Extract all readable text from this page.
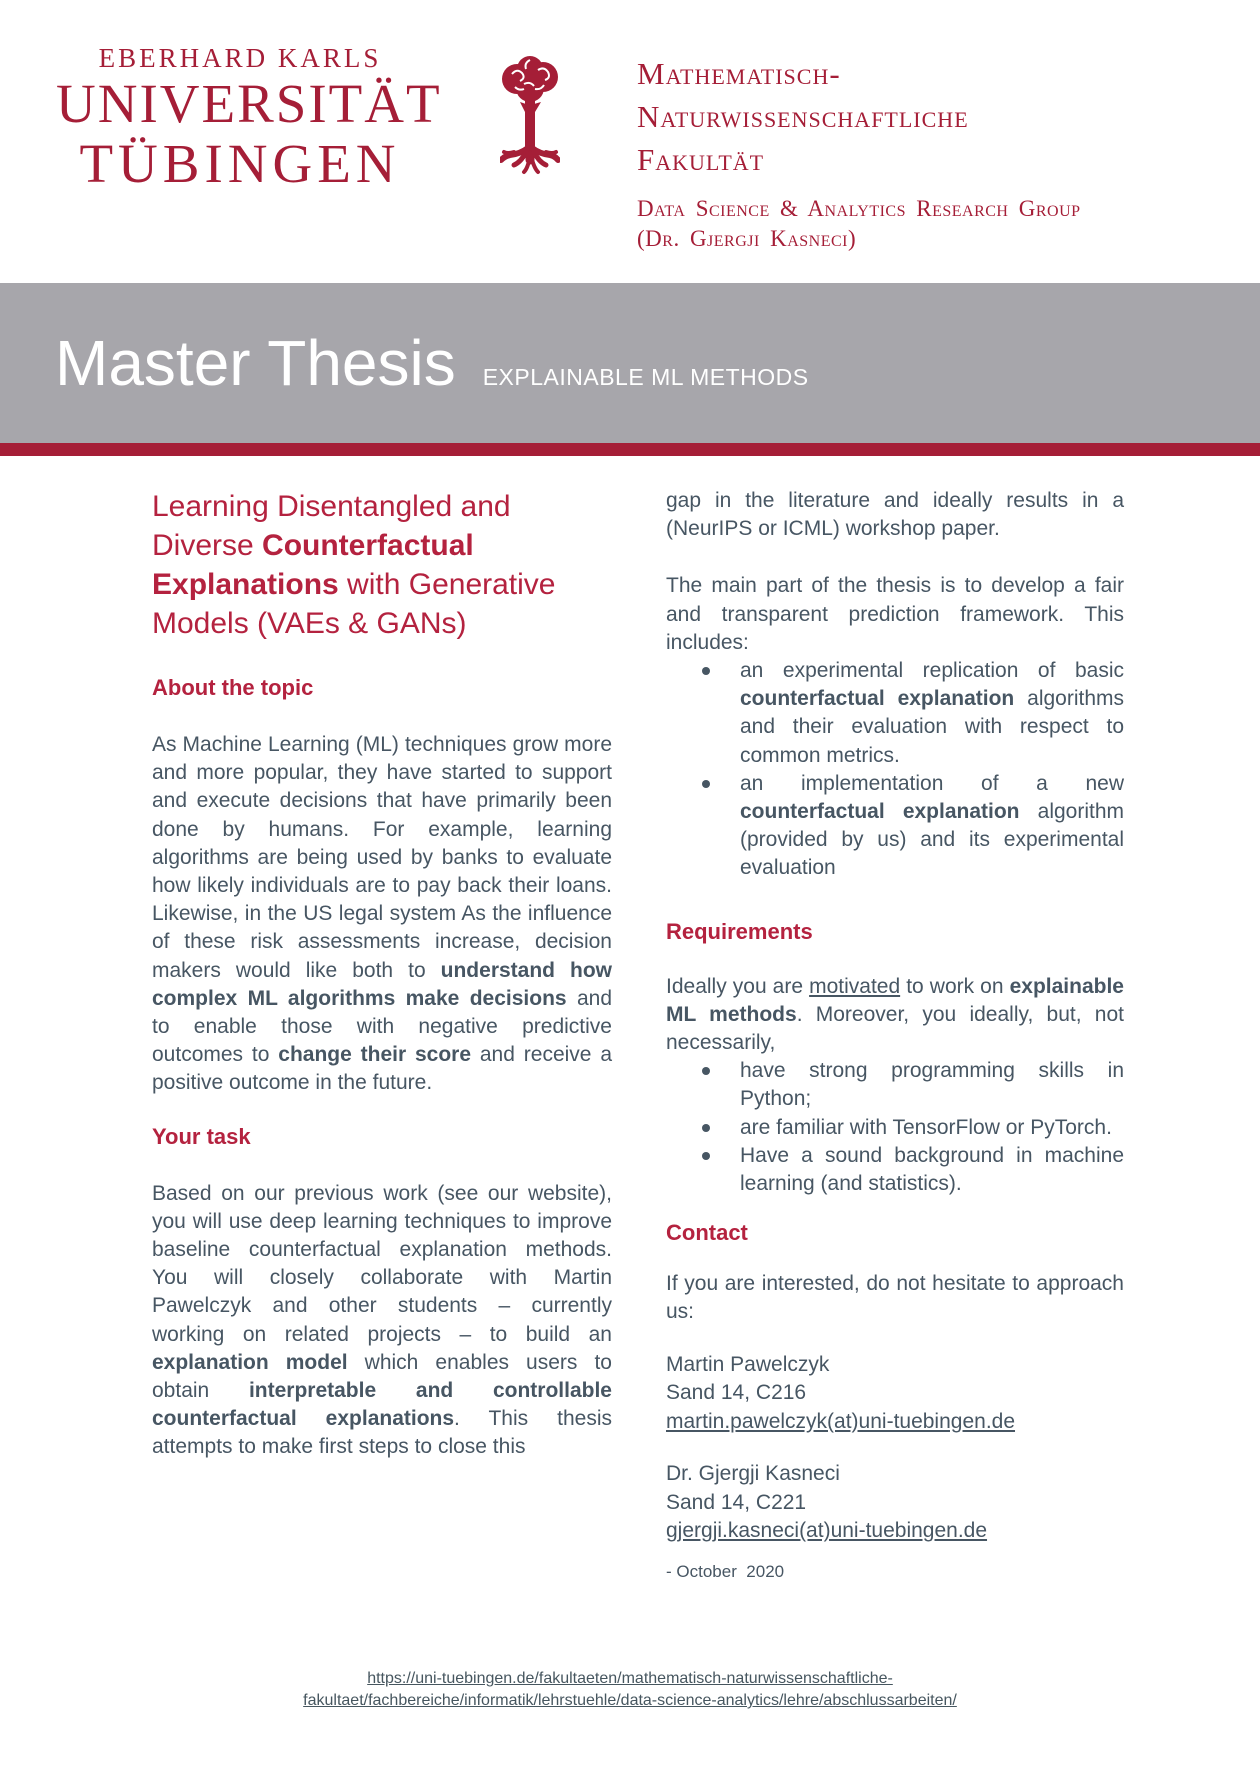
EBERHARD KARLS
UNIVERSITÄT
TÜBINGEN
Mathematisch-
Naturwissenschaftliche
Fakultät
Data Science & Analytics Research Group
(Dr. Gjergji Kasneci)
Master Thesis EXPLAINABLE ML METHODS
Learning Disentangled and Diverse Counterfactual Explanations with Generative Models (VAEs & GANs)
About the topic

As Machine Learning (ML) techniques grow more and more popular, they have started to support and execute decisions that have primarily been done by humans. For example, learning algorithms are being used by banks to evaluate how likely individuals are to pay back their loans. Likewise, in the US legal system As the influence of these risk assessments increase, decision makers would like both to understand how complex ML algorithms make decisions and to enable those with negative predictive outcomes to change their score and receive a positive outcome in the future.

Your task

Based on our previous work (see our website), you will use deep learning techniques to improve baseline counterfactual explanation methods. You will closely collaborate with Martin Pawelczyk and other students – currently working on related projects – to build an explanation model which enables users to obtain interpretable and controllable counterfactual explanations. This thesis attempts to make first steps to close this

gap in the literature and ideally results in a (NeurIPS or ICML) workshop paper.

The main part of the thesis is to develop a fair and transparent prediction framework. This includes:

an experimental replication of basic counterfactual explanation algorithms and their evaluation with respect to common metrics.
an implementation of a new counterfactual explanation algorithm (provided by us) and its experimental evaluation
Requirements

Ideally you are motivated to work on explainable ML methods. Moreover, you ideally, but, not necessarily,

have strong programming skills in Python;
are familiar with TensorFlow or PyTorch.
Have a sound background in machine learning (and statistics).
Contact

If you are interested, do not hesitate to approach us:

Martin Pawelczyk
Sand 14, C216
martin.pawelczyk(at)uni-tuebingen.de
Dr. Gjergji Kasneci
Sand 14, C221
gjergji.kasneci(at)uni-tuebingen.de
- October  2020
https://uni-tuebingen.de/fakultaeten/mathematisch-naturwissenschaftliche-
fakultaet/fachbereiche/informatik/lehrstuehle/data-science-analytics/lehre/abschlussarbeiten/
